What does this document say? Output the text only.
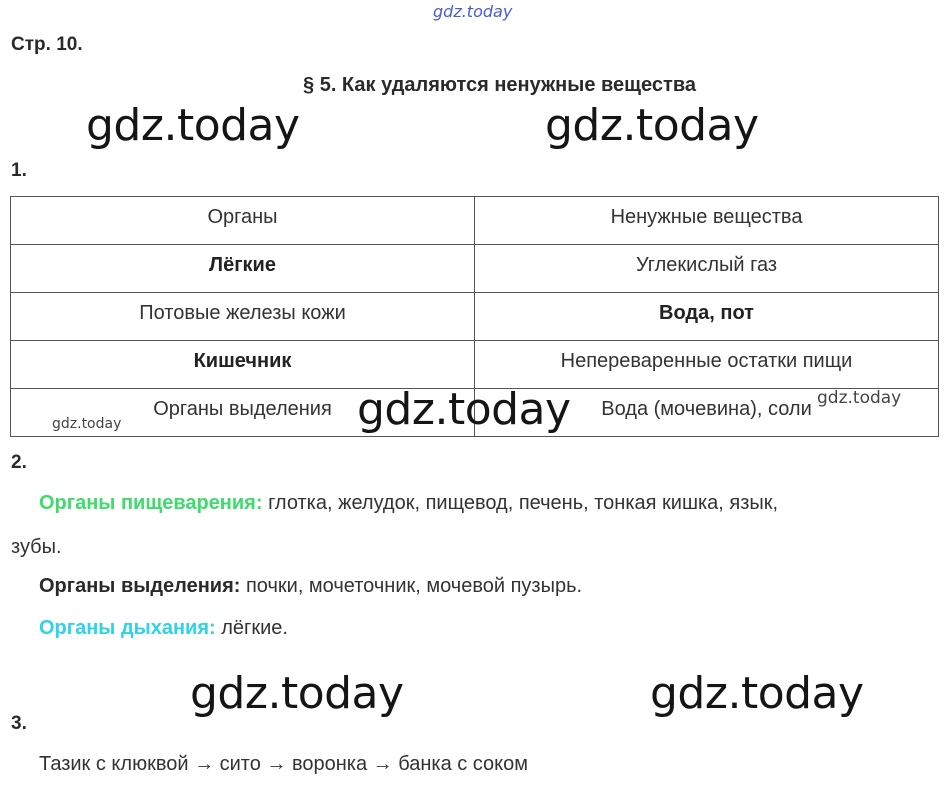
gdz.today
gdz.today	gdz.today
gdz.today
gdz.today
gdz.today
gdz.today	gdz.today
Стр. 10.
§ 5. Как удаляются ненужные вещества
1.
Органы	Ненужные вещества
Лёгкие	Углекислый газ
Потовые железы кожи	Вода, пот
Кишечник	Непереваренные остатки пищи
Органы выделения	Вода (мочевина), соли
2.
Органы пищеварения: глотка, желудок, пищевод, печень, тонкая кишка, язык,
зубы.
Органы выделения: почки, мочеточник, мочевой пузырь.
Органы дыхания: лёгкие.
3.
Тазик с клюквой → сито → воронка → банка с соком
